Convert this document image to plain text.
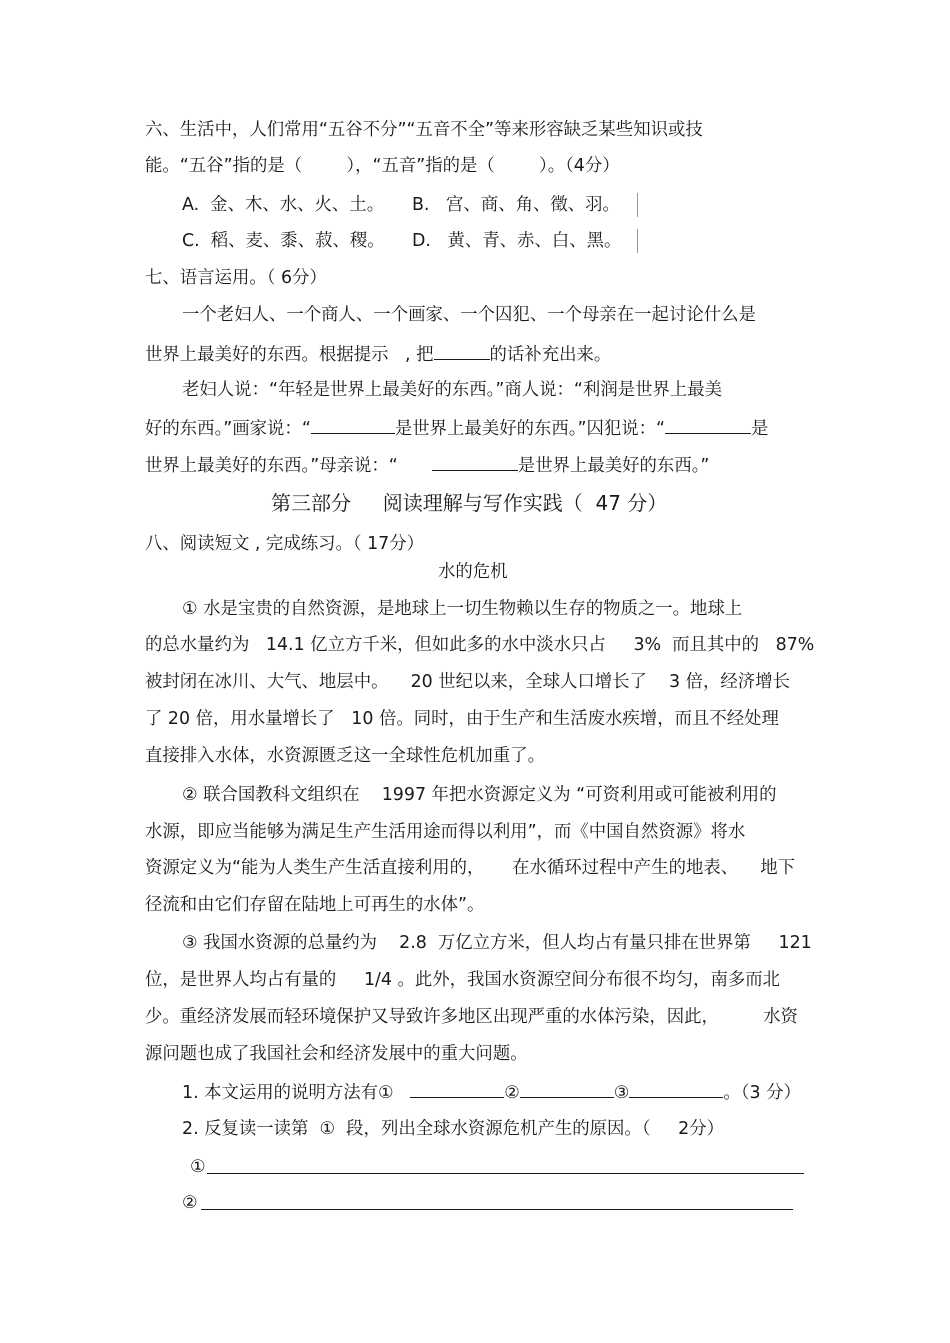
六、生活中，人们常用“五谷不分”“五音不全”等来形容缺乏某些知识或技
能。“五谷”指的是（        ），“五音”指的是（        ）。（4分）
A.  金、木、水、火、土。 B.   宫、商、角、徵、羽。
C.  稻、麦、黍、菽、稷。 D.   黄、青、赤、白、黑。
七、语言运用。（ 6分）
一个老妇人、一个商人、一个画家、一个囚犯、一个母亲在一起讨论什么是
世界上最美好的东西。根据提示   , 把	的话补充出来。
老妇人说：“年轻是世界上最美好的东西。”商人说：“利润是世界上最美
好的东西。”画家说：“	是世界上最美好的东西。”囚犯说：“	是
世界上最美好的东西。”母亲说：“	是世界上最美好的东西。”
第三部分     阅读理解与写作实践（  47 分）
八、阅读短文 , 完成练习。（ 17分）
水的危机
① 水是宝贵的自然资源，是地球上一切生物赖以生存的物质之一。地球上
的总水量约为   14.1 亿立方千米，但如此多的水中淡水只占     3%  而且其中的   87%
被封闭在冰川、大气、地层中。    20 世纪以来，全球人口增长了    3 倍，经济增长
了 20 倍，用水量增长了   10 倍。同时，由于生产和生活废水疾增，而且不经处理
直接排入水体，水资源匮乏这一全球性危机加重了。
② 联合国教科文组织在    1997 年把水资源定义为 “可资利用或可能被利用的
水源，即应当能够为满足生产生活用途而得以利用”，而《中国自然资源》将水
资源定义为“能为人类生产生活直接利用的，     在水循环过程中产生的地表、    地下
径流和由它们存留在陆地上可再生的水体”。
③ 我国水资源的总量约为    2.8  万亿立方米，但人均占有量只排在世界第     121
位，是世界人均占有量的     1/4 。此外，我国水资源空间分布很不均匀，南多而北
少。重经济发展而轻环境保护又导致许多地区出现严重的水体污染，因此，        水资
源问题也成了我国社会和经济发展中的重大问题。
1. 本文运用的说明方法有①	②	③	。（3 分）
2. 反复读一读第  ①  段，列出全球水资源危机产生的原因。（     2分）
①
②
